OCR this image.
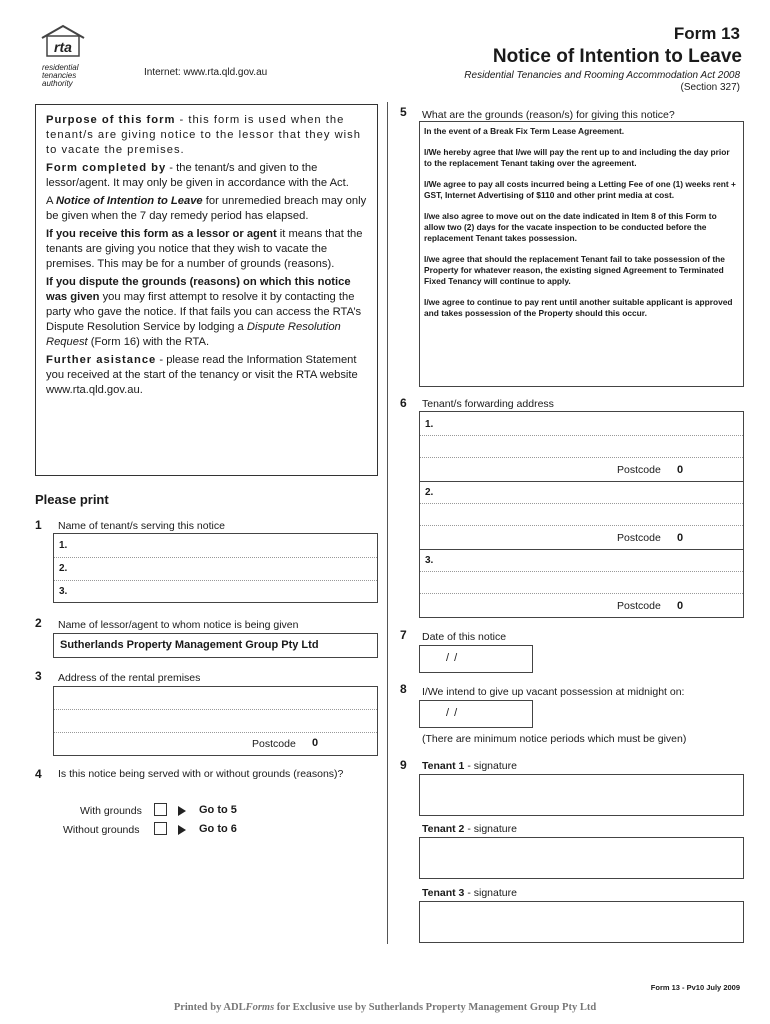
rta
residential
tenancies
authority
Internet: www.rta.qld.gov.au
Form 13
Notice of Intention to Leave
Residential Tenancies and Rooming Accommodation Act 2008
(Section 327)

Purpose of this form - this form is used when the tenant/s are giving notice to the lessor that they wish to vacate the premises.

Form completed by - the tenant/s and given to the lessor/agent. It may only be given in accordance with the Act.

A Notice of Intention to Leave for unremedied breach may only be given when the 7 day remedy period has elapsed.

If you receive this form as a lessor or agent it means that the tenants are giving you notice that they wish to vacate the premises. This may be for a number of grounds (reasons).

If you dispute the grounds (reasons) on which this notice was given you may first attempt to resolve it by contacting the party who gave the notice. If that fails you can access the RTA’s Dispute Resolution Service by lodging a Dispute Resolution Request (Form 16) with the RTA.

Further asistance - please read the Information Statement you received at the start of the tenancy or visit the RTA website www.rta.qld.gov.au.

Please print
1 Name of tenant/s serving this notice
1.
2.
3.
2 Name of lessor/agent to whom notice is being given
Sutherlands Property Management Group Pty Ltd
3 Address of the rental premises
Postcode 0
4 Is this notice being served with or without grounds (reasons)?
With grounds	Go to 5
Without grounds	Go to 6
5 What are the grounds (reason/s) for giving this notice?

In the event of a Break Fix Term Lease Agreement.

I/We hereby agree that I/we will pay the rent up to and including the day prior to the replacement Tenant taking over the agreement.

I/We agree to pay all costs incurred being a Letting Fee of one (1) weeks rent + GST, Internet Advertising of $110 and other print media at cost.

I/we also agree to move out on the date indicated in Item 8 of this Form to allow two (2) days for the vacate inspection to be conducted before the replacement Tenant takes possession.

I/we agree that should the replacement Tenant fail to take possession of the Property for whatever reason, the existing signed Agreement to Terminated Fixed Tenancy will continue to apply.

I/we agree to continue to pay rent until another suitable applicant is approved and takes possession of the Property should this occur.

6 Tenant/s forwarding address
1.
Postcode 0
2.
Postcode 0
3.
Postcode 0
7 Date of this notice
/ /
8 I/We intend to give up vacant possession at midnight on:
/ /
(There are minimum notice periods which must be given)
9 Tenant 1 - signature
Tenant 2 - signature
Tenant 3 - signature
Form 13 - Pv10 July 2009
Printed by ADLForms for Exclusive use by Sutherlands Property Management Group Pty Ltd
